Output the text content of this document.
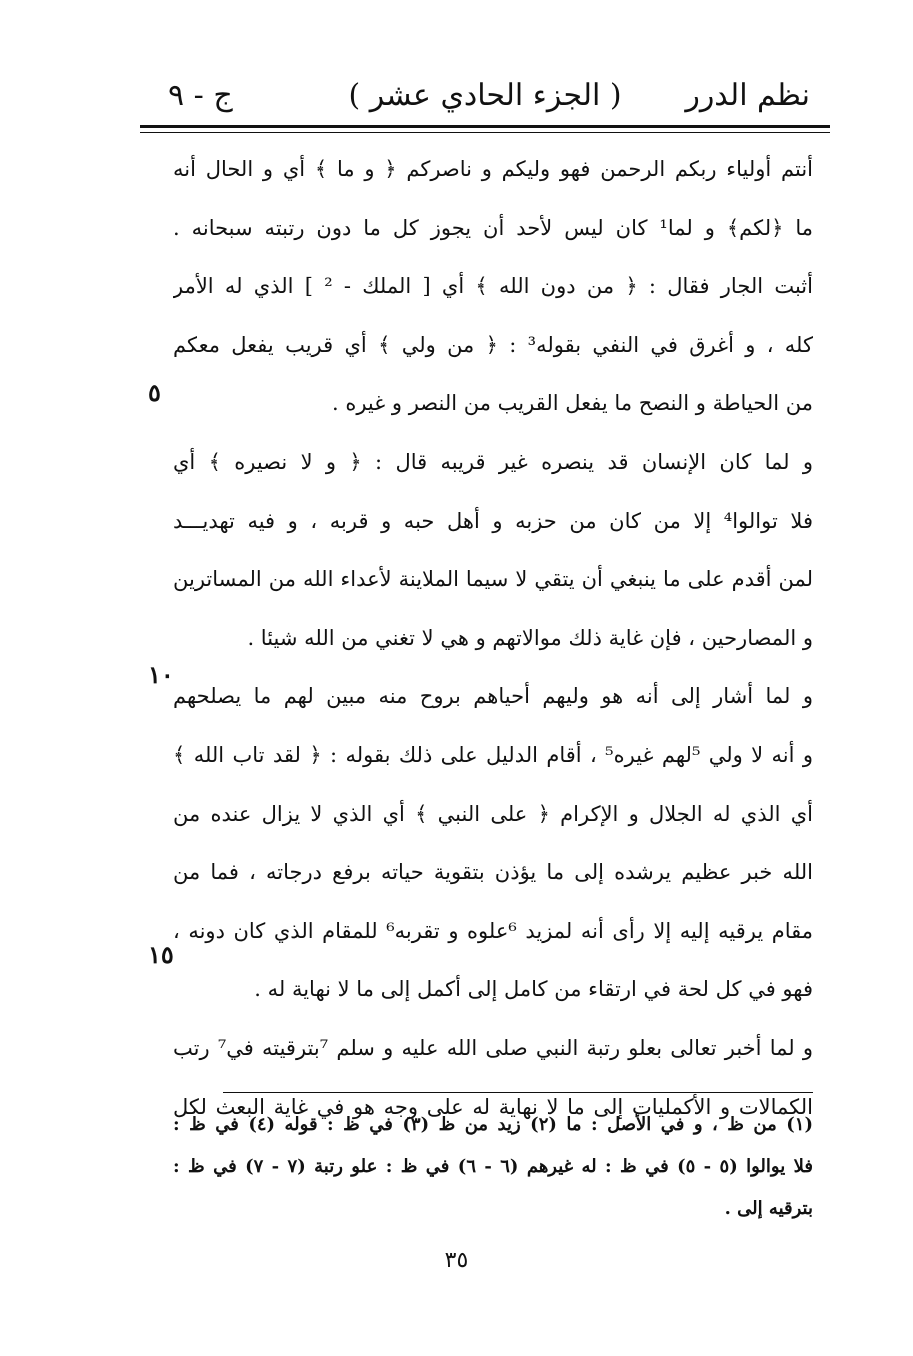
نظم الدرر
( الجزء الحادي عشر )
ج - ٩
أنتم أولياء ربكم الرحمن فهو وليكم و ناصركم ﴿ و ما ﴾ أي و الحال أنه
ما ﴿لكم﴾ و لما¹ كان ليس لأحد أن يجوز كل ما دون رتبته سبحانه .
أثبت الجار فقال : ﴿ من دون الله ﴾ أي [ الملك - ² ] الذي له الأمر
كله ، و أغرق في النفي بقوله³ : ﴿ من ولي ﴾ أي قريب يفعل معكم
من الحياطة و النصح ما يفعل القريب من النصر و غيره .
و لما كان الإنسان قد ينصره غير قريبه قال : ﴿ و لا نصيره ﴾ أي
فلا توالوا⁴ إلا من كان من حزبه و أهل حبه و قربه ، و فيه تهديـــد
لمن أقدم على ما ينبغي أن يتقي لا سيما الملاينة لأعداء الله من المساترين
و المصارحين ، فإن غاية ذلك موالاتهم و هي لا تغني من الله شيئا .
و لما أشار إلى أنه هو وليهم أحياهم بروح منه مبين لهم ما يصلحهم
و أنه لا ولي ⁵لهم غيره⁵ ، أقام الدليل على ذلك بقوله : ﴿ لقد تاب الله ﴾
أي الذي له الجلال و الإكرام ﴿ على النبي ﴾ أي الذي لا يزال عنده من
الله خبر عظيم يرشده إلى ما يؤذن بتقوية حياته برفع درجاته ، فما من
مقام يرقيه إليه إلا رأى أنه لمزيد ⁶علوه و تقربه⁶ للمقام الذي كان دونه ،
فهو في كل لحة في ارتقاء من كامل إلى أكمل إلى ما لا نهاية له .
و لما أخبر تعالى بعلو رتبة النبي صلى الله عليه و سلم ⁷بترقيته في⁷ رتب
الكمالات و الأكمليات إلى ما لا نهاية له على وجه هو في غاية البعث لكل
٥
١٠
١٥
(١) من ظ ، و في الأصل : ما (٢) زيد من ظ (٣) في ظ : قوله (٤) في ظ :
فلا يوالوا (٥ - ٥) في ظ : له غيرهم (٦ - ٦) في ظ : علو رتبة (٧ - ٧) في ظ :
بترقيه إلى .
٣٥
